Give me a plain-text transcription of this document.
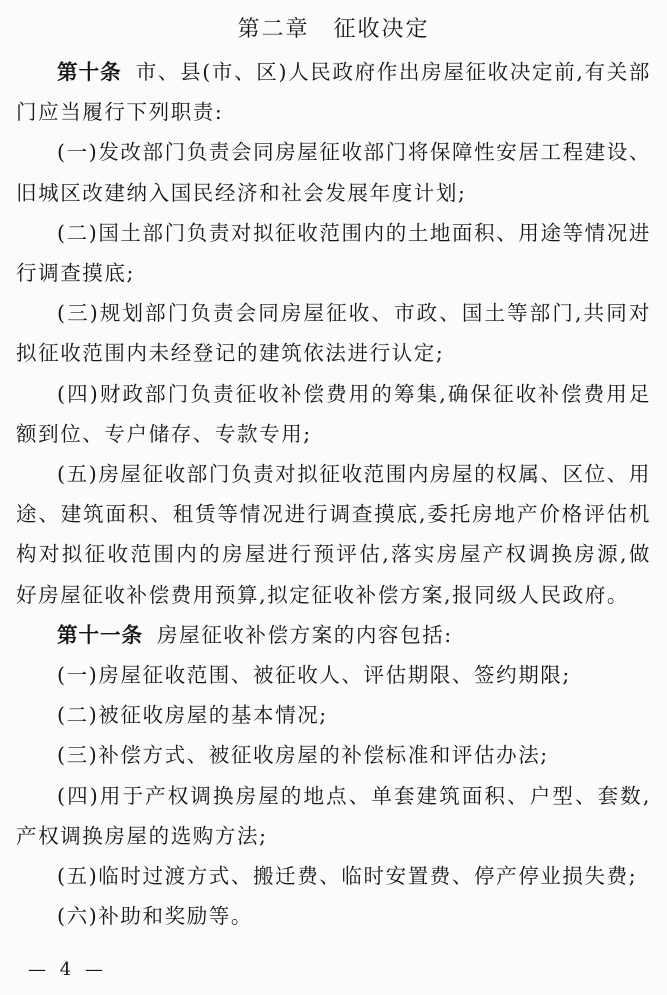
第二章　征收决定

第十条 市、县(市、区)人民政府作出房屋征收决定前,有关部门应当履行下列职责:

(一)发改部门负责会同房屋征收部门将保障性安居工程建设、旧城区改建纳入国民经济和社会发展年度计划;

(二)国土部门负责对拟征收范围内的土地面积、用途等情况进行调查摸底;

(三)规划部门负责会同房屋征收、市政、国土等部门,共同对拟征收范围内未经登记的建筑依法进行认定;

(四)财政部门负责征收补偿费用的筹集,确保征收补偿费用足额到位、专户储存、专款专用;

(五)房屋征收部门负责对拟征收范围内房屋的权属、区位、用途、建筑面积、租赁等情况进行调查摸底,委托房地产价格评估机构对拟征收范围内的房屋进行预评估,落实房屋产权调换房源,做好房屋征收补偿费用预算,拟定征收补偿方案,报同级人民政府。

第十一条 房屋征收补偿方案的内容包括:

(一)房屋征收范围、被征收人、评估期限、签约期限;

(二)被征收房屋的基本情况;

(三)补偿方式、被征收房屋的补偿标准和评估办法;

(四)用于产权调换房屋的地点、单套建筑面积、户型、套数,产权调换房屋的选购方法;

(五)临时过渡方式、搬迁费、临时安置费、停产停业损失费;

(六)补助和奖励等。

— 4 —
